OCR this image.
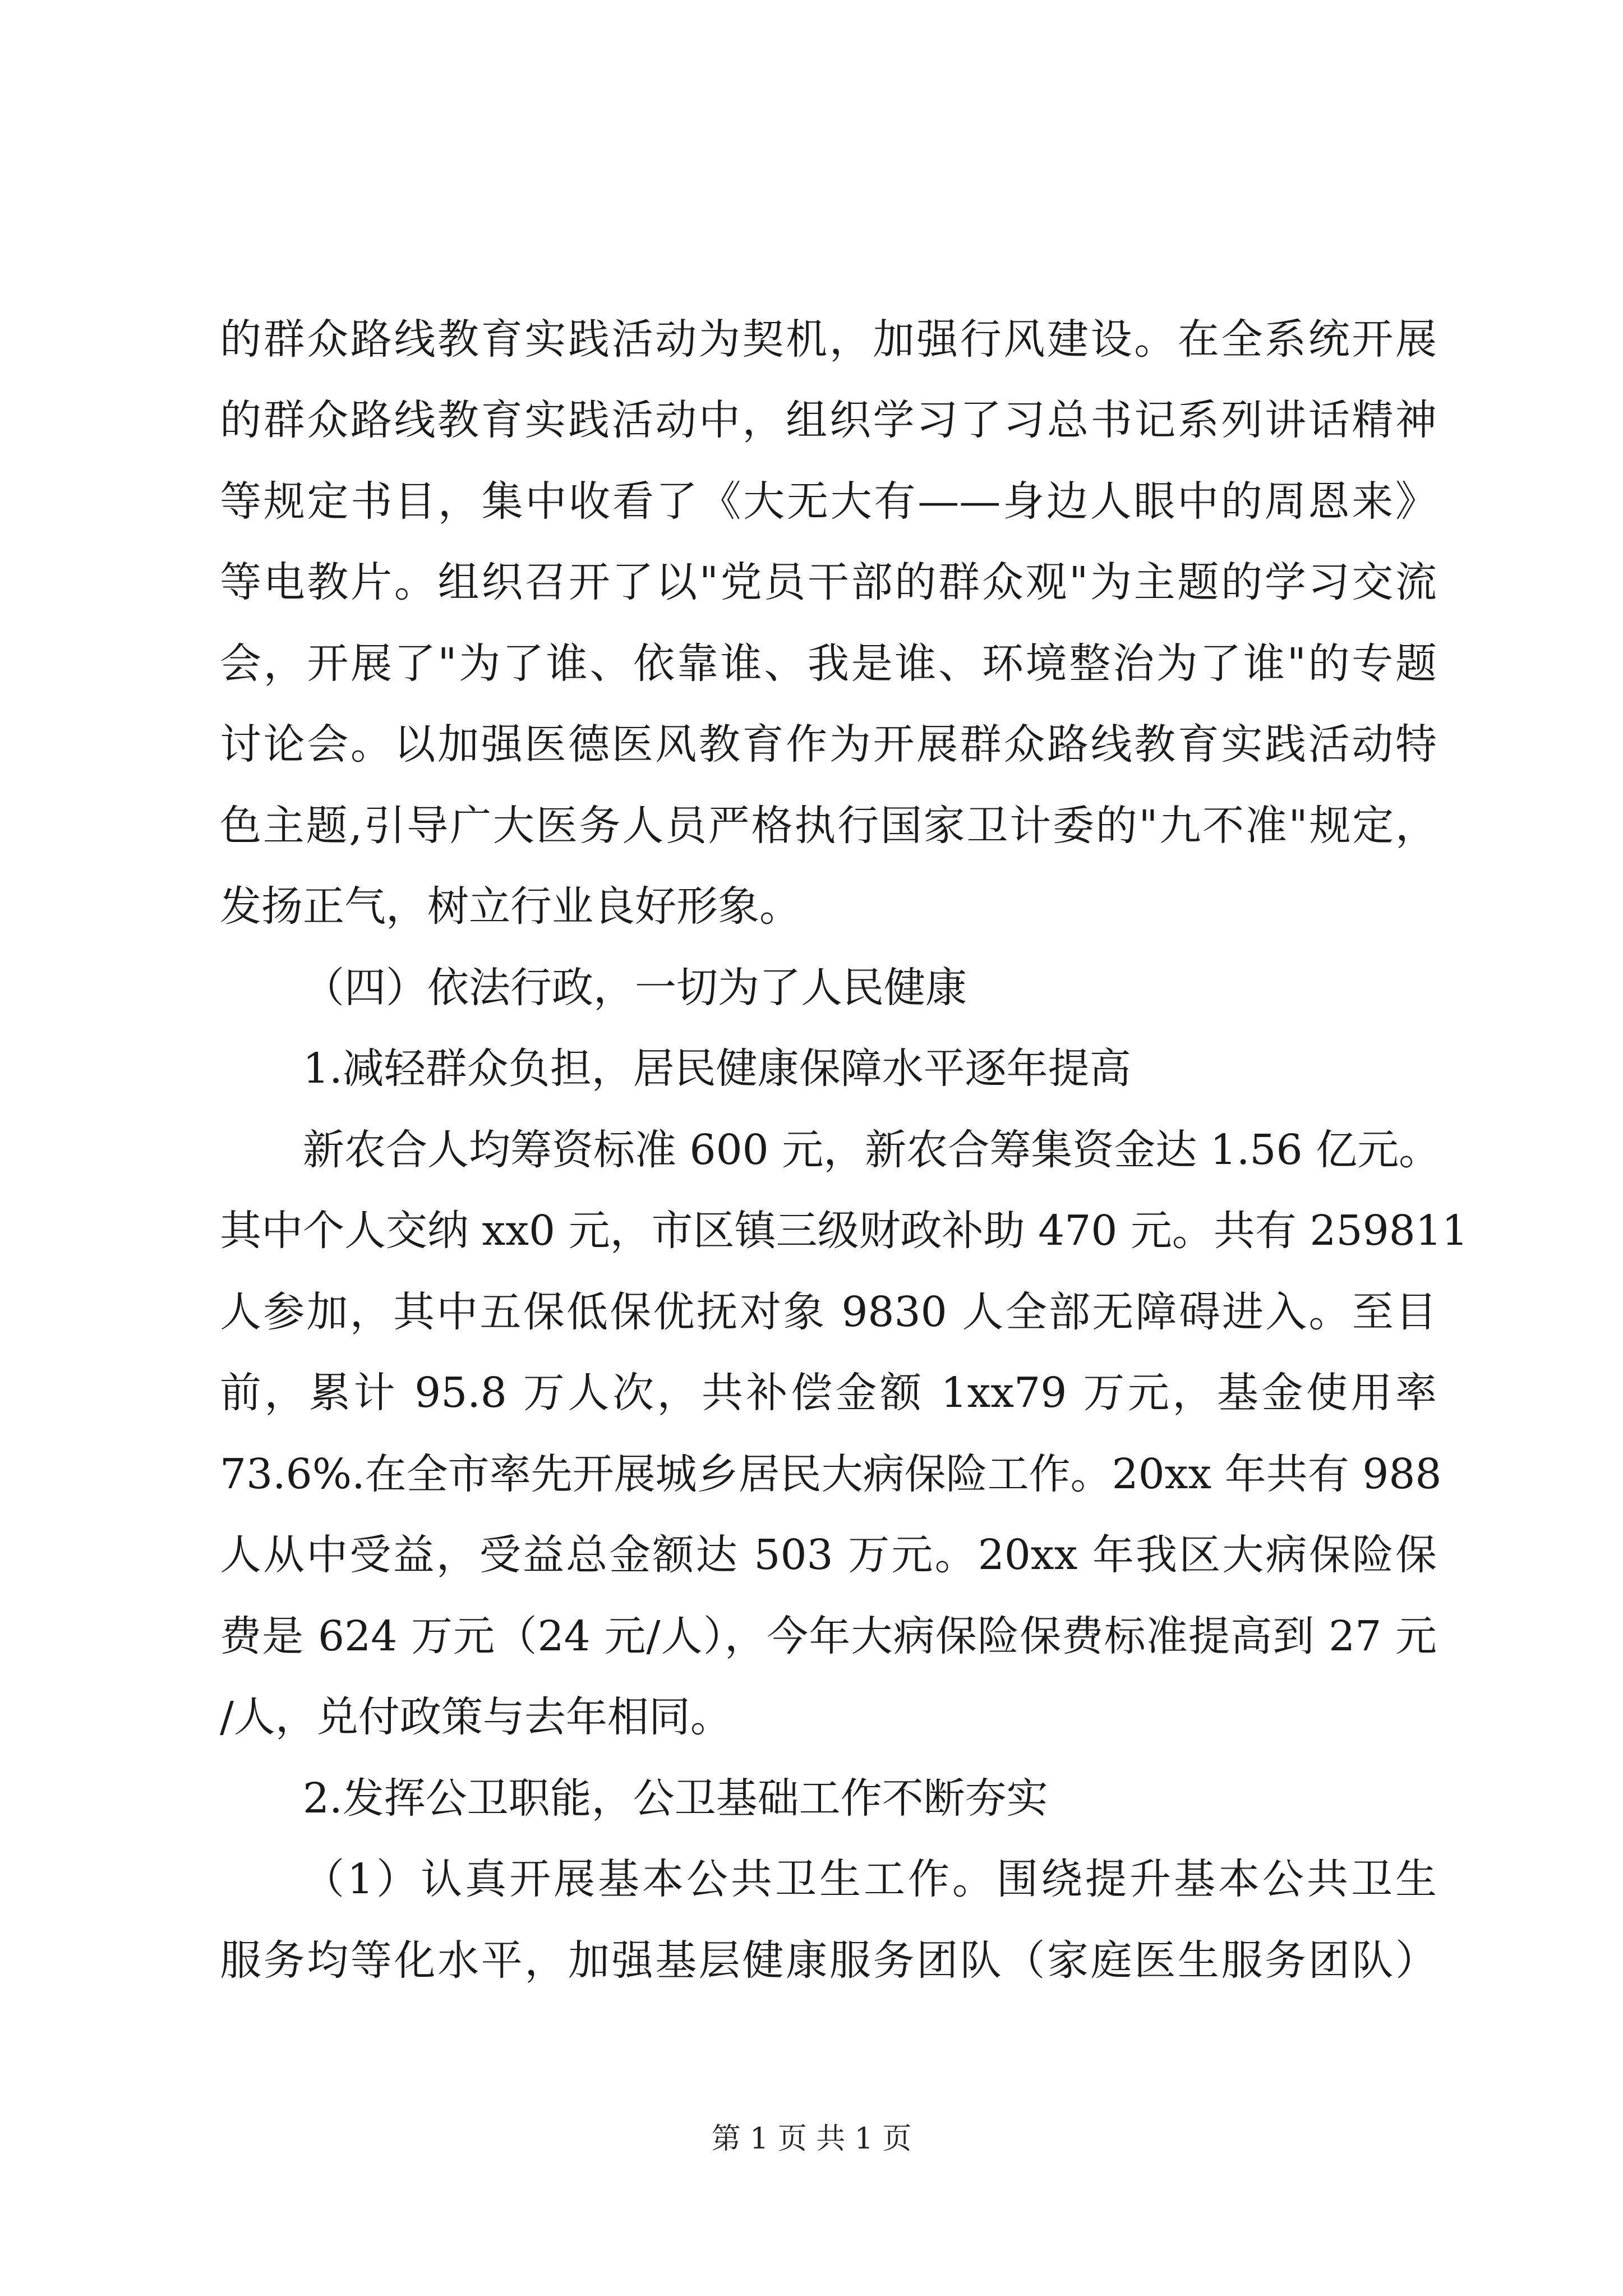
的群众路线教育实践活动为契机，加强行风建设。在全系统开展
的群众路线教育实践活动中，组织学习了习总书记系列讲话精神
等规定书目，集中收看了《大无大有——身边人眼中的周恩来》
等电教片。组织召开了以"党员干部的群众观"为主题的学习交流
会，开展了"为了谁、依靠谁、我是谁、环境整治为了谁"的专题
讨论会。以加强医德医风教育作为开展群众路线教育实践活动特
色主题,引导广大医务人员严格执行国家卫计委的"九不准"规定，
发扬正气，树立行业良好形象。
（四）依法行政，一切为了人民健康
1.减轻群众负担，居民健康保障水平逐年提高
新农合人均筹资标准 600 元，新农合筹集资金达 1.56 亿元。
其中个人交纳 xx0 元，市区镇三级财政补助 470 元。共有 259811
人参加，其中五保低保优抚对象 9830 人全部无障碍进入。至目
前，累计 95.8 万人次，共补偿金额 1xx79 万元，基金使用率
73.6%.在全市率先开展城乡居民大病保险工作。20xx 年共有 988
人从中受益，受益总金额达 503 万元。20xx 年我区大病保险保
费是 624 万元（24 元/人），今年大病保险保费标准提高到 27 元
/人，兑付政策与去年相同。
2.发挥公卫职能，公卫基础工作不断夯实
（1）认真开展基本公共卫生工作。围绕提升基本公共卫生
服务均等化水平，加强基层健康服务团队（家庭医生服务团队）
第 1 页 共 1 页
